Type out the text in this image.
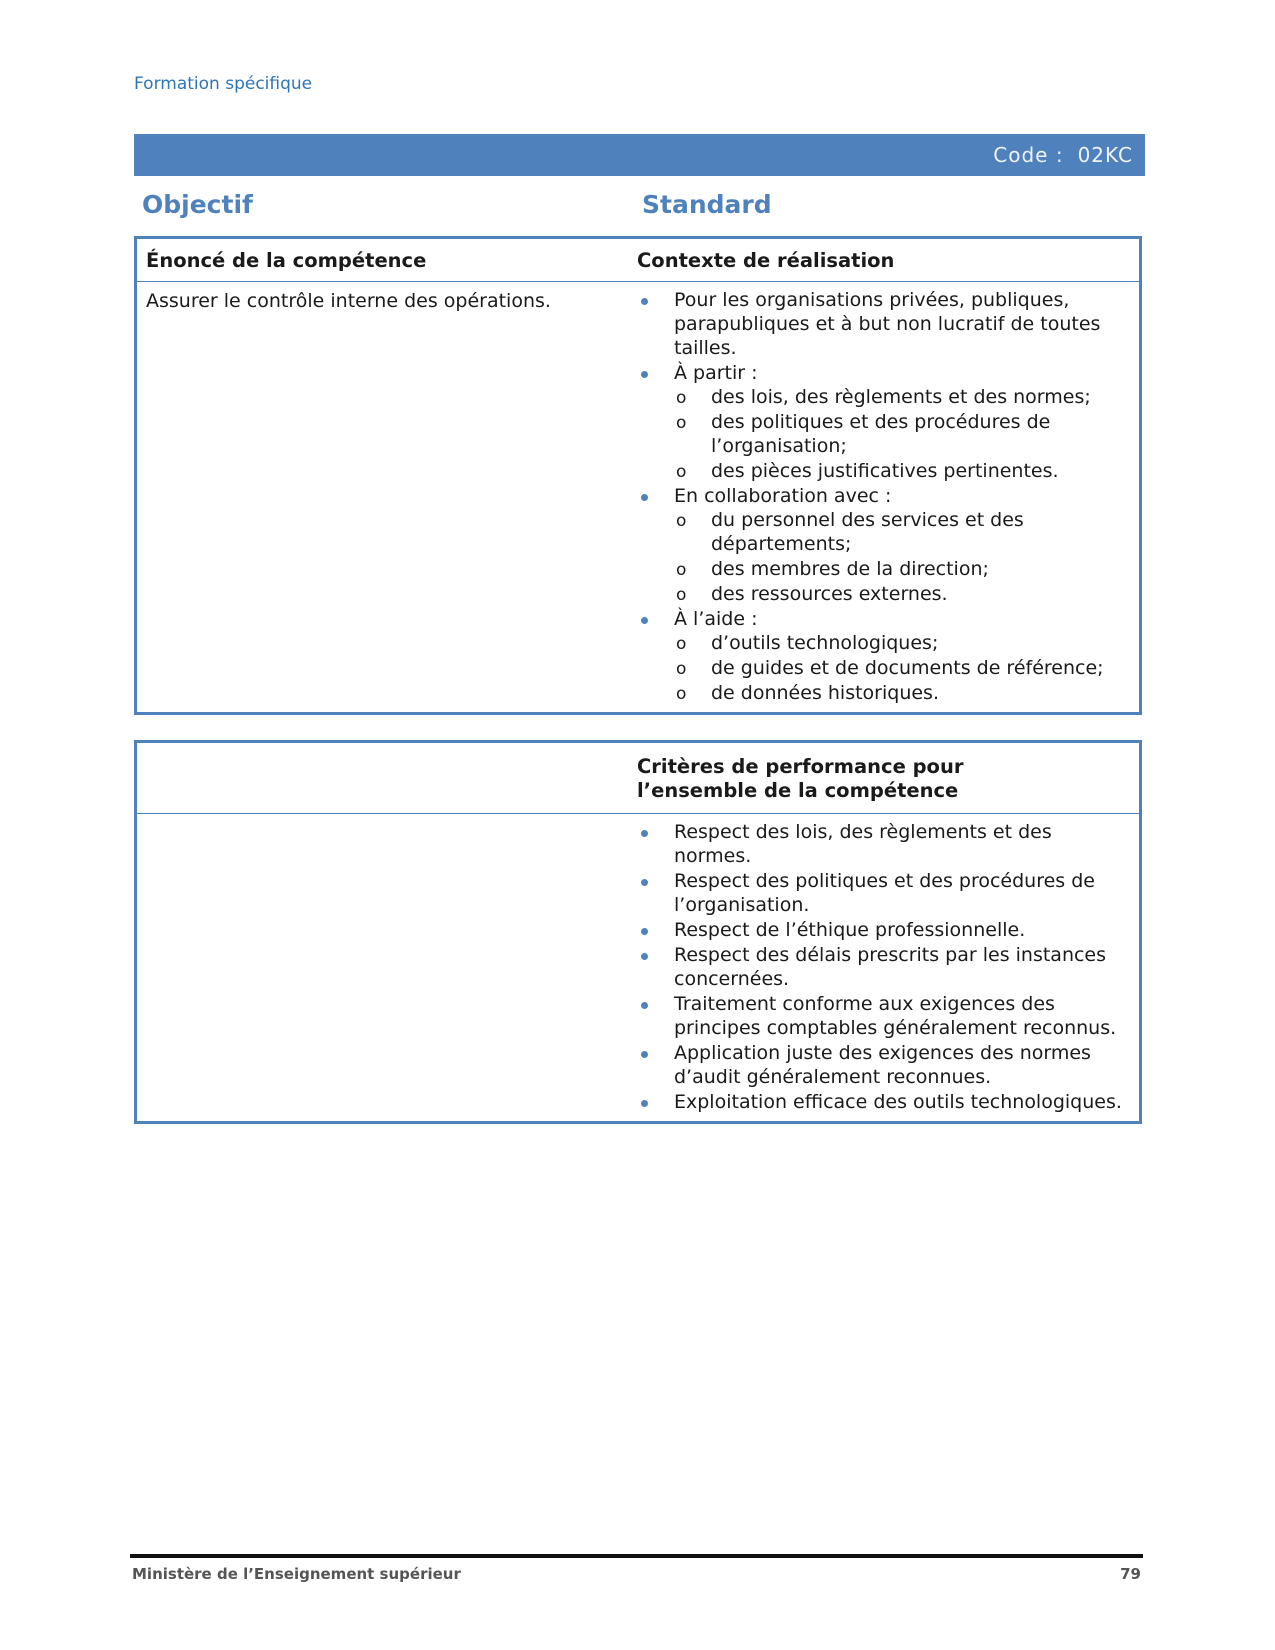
Formation spécifique
Code : 02KC
Objectif	Standard
Énoncé de la compétence	Contexte de réalisation
Assurer le contrôle interne des opérations.	Pour les organisations privées, publiques, parapubliques et à but non lucratif de toutes tailles.
À partir :
o des lois, des règlements et des normes;
o des politiques et des procédures de l’organisation;
o des pièces justificatives pertinentes.
En collaboration avec :
o du personnel des services et des départements;
o des membres de la direction;
o des ressources externes.
À l’aide :
o d’outils technologiques;
o de guides et de documents de référence;
o de données historiques.
Critères de performance pour l’ensemble de la compétence
Respect des lois, des règlements et des normes.
Respect des politiques et des procédures de l’organisation.
Respect de l’éthique professionnelle.
Respect des délais prescrits par les instances concernées.
Traitement conforme aux exigences des principes comptables généralement reconnus.
Application juste des exigences des normes d’audit généralement reconnues.
Exploitation efficace des outils technologiques.
Ministère de l’Enseignement supérieur	79
